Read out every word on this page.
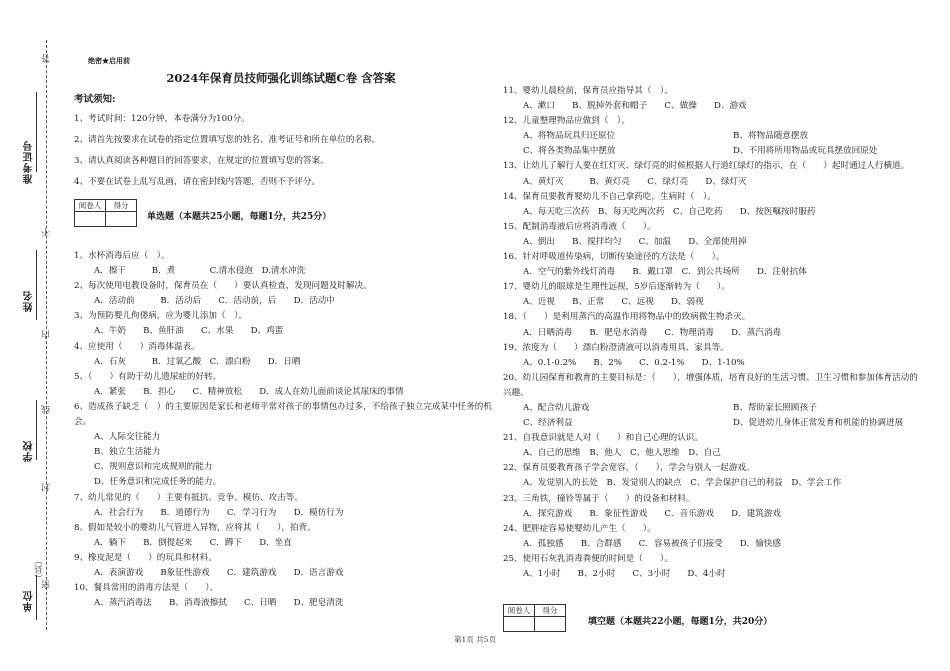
答
不
内
线
封
密
准考证号
姓名
学校
单位
（县）
绝密★启用前
2024年保育员技师强化训练试题C卷 含答案
考试须知:
1、考试时间：120分钟，本卷满分为100分。
2、请首先按要求在试卷的指定位置填写您的姓名、准考证号和所在单位的名称。
3、请认真阅读各种题目的回答要求，在规定的位置填写您的答案。
4、不要在试卷上乱写乱画，请在密封线内答题，否则不予评分。
阅卷人	得分

单选题（本题共25小题，每题1分，共25分）
1、水杯消毒后应（　）。
A．擦干　　　B．煮　　　　C.清水侵泡　D.清水冲洗
2、每次使用电教设备时，保育员在（　　）要认真检查，发现问题及时解决。
A．活动前　　　B．活动后　　C．活动前，后　　D．活动中
3、为预防婴儿佝偻病，应为婴儿添加（　）。
A、牛奶　　B、鱼肝油　　C、水果　　D、鸡蛋
4、应使用（　　）消毒体温表。
A．石灰　　　B．过氧乙酸　C．漂白粉　　D．日晒
5、（　　）有助于幼儿遗尿症的好转。
A．紧张　　B．担心　　C．精神放松　　D．成人在幼儿面前谈论其尿床的事情
6、造成孩子缺乏（　）的主要原因是家长和老师平常对孩子的事情包办过多，不给孩子独立完成某中任务的机会。
A、人际交往能力
B、独立生活能力
C、规则意识和完成规则的能力
D、任务意识和完成任务的能力。
7、幼儿常见的（　　）主要有抵抗、竞争、模仿、攻击等。
A．社会行为　　B．道德行为　　C．学习行为　　D．模仿行为
8、假如是较小的婴幼儿气管进入异物，应将其（　　），拍背。
A．躺下　　B．倒提起来　　C．蹲下　　D．坐直
9、橡皮泥是（　　）的玩具和材料。
A．表演游戏　　B象征性游戏　　C．建筑游戏　　D．语言游戏
10、餐具常用的消毒方法是（　　）。
A、蒸汽消毒法　　B、消毒液擦拭　　C、日晒　　D、肥皂清洗
11、婴幼儿晨检前，保育员应指导其（　）。
A、漱口　　B、脱掉外套和帽子　　C、做操　　D、游戏
12、儿童整理物品应做到（　）。
A、将物品玩具归还原位	B、将物品随意摆放
C、将各类物品集中摆放	D、不用将所用物品或玩具摆放回原处
13、让幼儿了解行人要在红灯灭、绿灯亮的时候根据人行道红绿灯的指示，在（　　）起时通过人行横道。
A、黄灯灭　　　B、黄灯亮　　C、绿灯亮　　D、绿灯灭
14、保育员要教育婴幼儿不自己拿药吃，生病时（　）。
A、每天吃三次药　B、每天吃两次药　C、自己吃药　　D、按医嘱按时服药
15、配制消毒液后应将消毒液（　　）。
A、倒出　　B、搅拌均匀　　C、加温　　D、全部使用掉
16、针对呼吸道传染病，切断传染途径的方法是（　　）。
A．空气的紫外线灯消毒　　B．戴口罩　C．到公共场所　　D．注射抗体
17、婴幼儿的眼球是生理性远视，5岁后逐渐转为（　　）。
A、近视　　B、正常　　C、远视　　D、弱视
18、（　　）是利用蒸汽的高温作用将物品中的致病微生物杀灭。
A．日晒消毒　　B．肥皂水消毒　　C．物理消毒　　D．蒸汽消毒
19、浓度为（　　）漂白粉澄清液可以消毒用具、家具等。
A、0.1-0.2%　　B、2%　　C、0.2-1%　　D、1-10%
20、幼儿园保育和教育的主要目标是：（　　），增强体质，培育良好的生活习惯、卫生习惯和参加体育活动的兴趣。
A、配合幼儿游戏	B、帮助家长照顾孩子
C、经济利益	D、促进幼儿身体正常发育和机能的协调进展
21、自我意识就是人对（　　）和自己心理的认识。
A、自己的思维　B、他人　C、他人思维　D、自己
22、保育员要教育孩子学会宽容，（　　），学会与别人一起游戏。
A、发觉别人的长处　B、发觉别人的缺点　C、学会保护自己的利益　D、学会工作
23、三角铁，撞铃等属于（　　）的设备和材料。
A．探究游戏　　B．象征性游戏　　C．音乐游戏　　D．建筑游戏
24、肥胖症容易使婴幼儿产生（　　）。
A．孤独感　　B．合群感　　C．容易被孩子们接受　　D．愉快感
25、使用石灰乳消毒粪便的时间是（　　）。
A、1小时　　B、2小时　　C、3小时　　D、4小时
阅卷人	得分

填空题（本题共22小题，每题1分，共20分）
第1页 共5页
